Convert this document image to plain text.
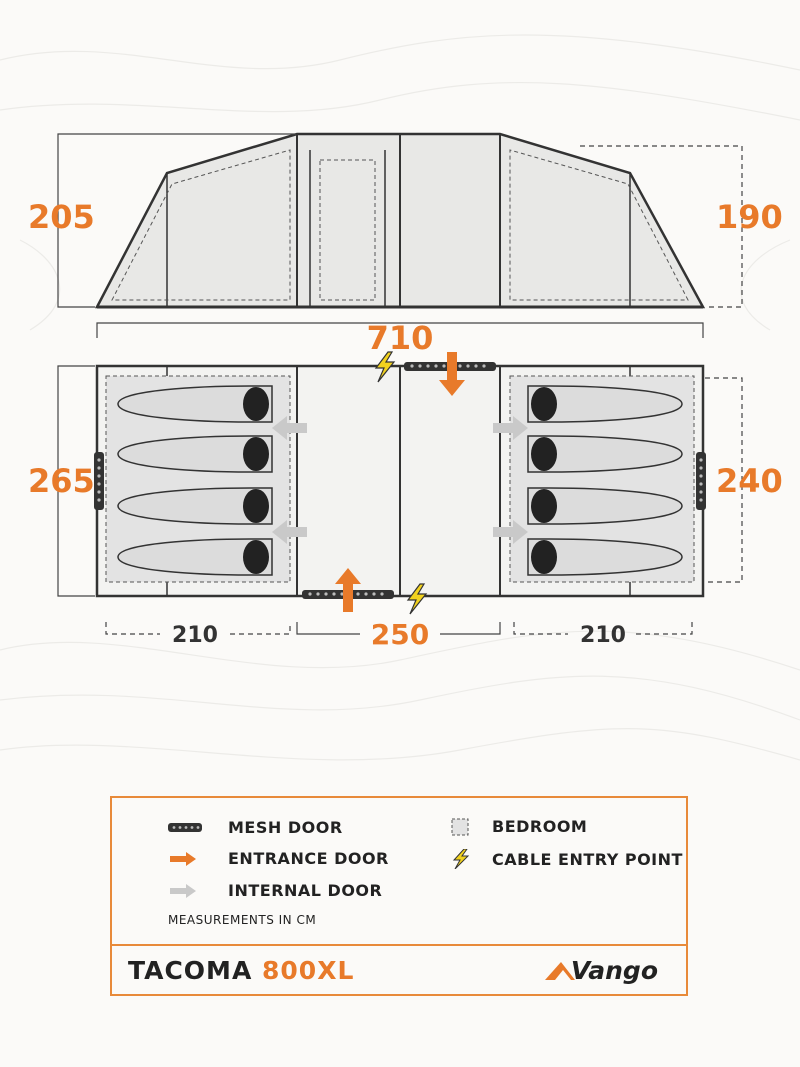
205	190
710
265	240
210	250	210
MESH DOOR
ENTRANCE DOOR
INTERNAL DOOR
BEDROOM
CABLE ENTRY POINT
MEASUREMENTS IN CM
TACOMA 800XL	Vango
